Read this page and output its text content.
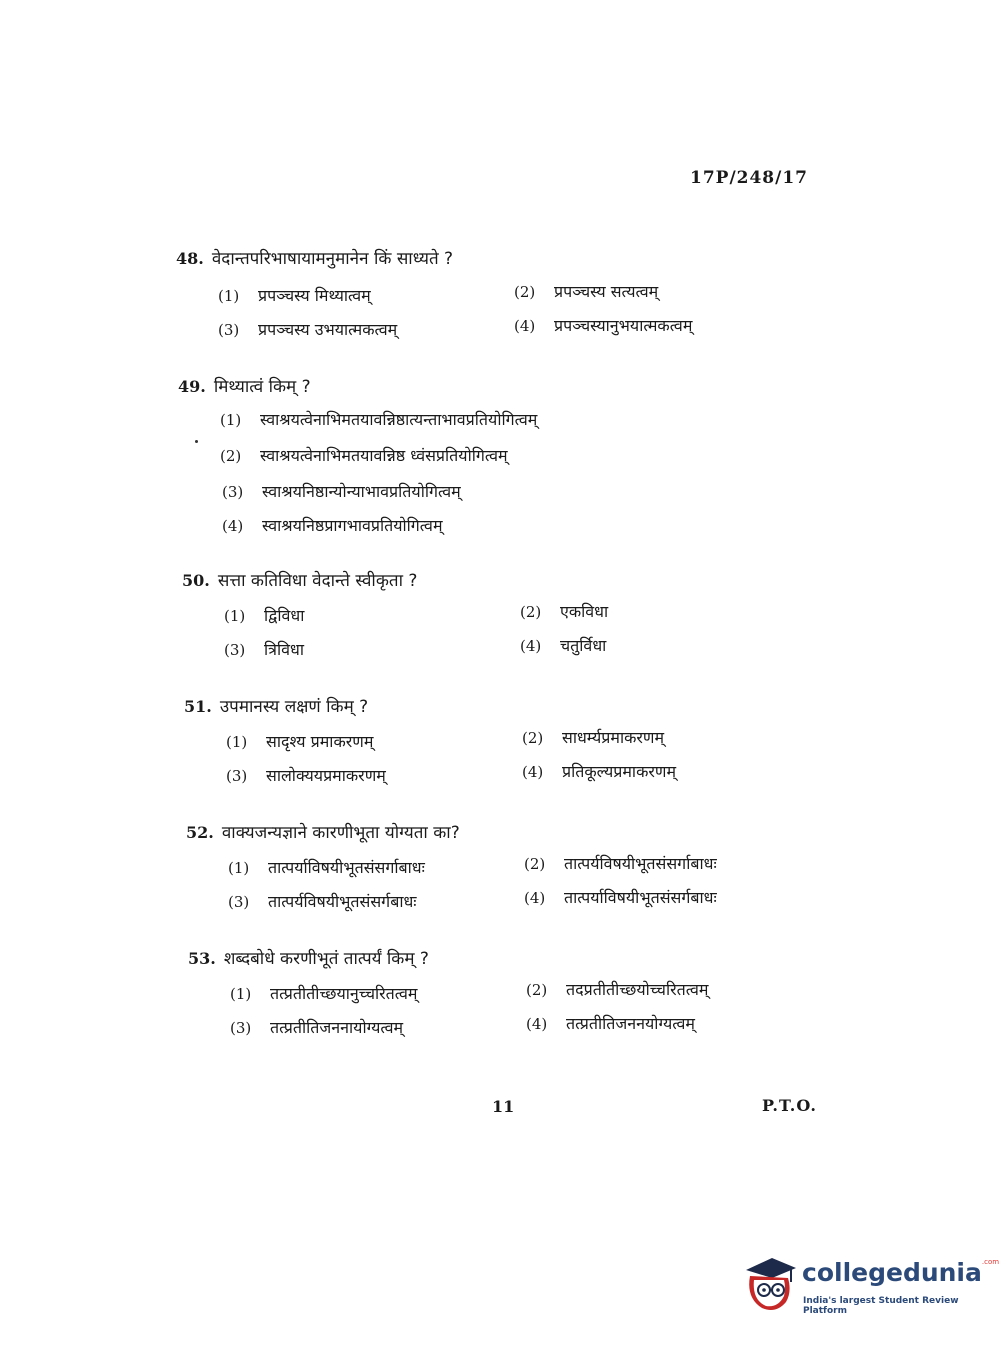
17P/248/17
48. वेदान्तपरिभाषायामनुमानेन किं साध्यते ?
(1) प्रपञ्चस्य मिथ्यात्वम्	(2) प्रपञ्चस्य सत्यत्वम्
(3) प्रपञ्चस्य उभयात्मकत्वम्	(4) प्रपञ्चस्यानुभयात्मकत्वम्
49. मिथ्यात्वं किम् ?
(1) स्वाश्रयत्वेनाभिमतयावन्निष्ठात्यन्ताभावप्रतियोगित्वम्
(2) स्वाश्रयत्वेनाभिमतयावन्निष्ठ ध्वंसप्रतियोगित्वम्
(3) स्वाश्रयनिष्ठान्योन्याभावप्रतियोगित्वम्
(4) स्वाश्रयनिष्ठप्रागभावप्रतियोगित्वम्
50. सत्ता कतिविधा वेदान्ते स्वीकृता ?
(1) द्विविधा	(2) एकविधा
(3) त्रिविधा	(4) चतुर्विधा
51. उपमानस्य लक्षणं किम् ?
(1) सादृश्य प्रमाकरणम्	(2) साधर्म्यप्रमाकरणम्
(3) सालोक्ययप्रमाकरणम्	(4) प्रतिकूल्यप्रमाकरणम्
52. वाक्यजन्यज्ञाने कारणीभूता योग्यता का?
(1) तात्पर्याविषयीभूतसंसर्गाबाधः	(2) तात्पर्यविषयीभूतसंसर्गाबाधः
(3) तात्पर्यविषयीभूतसंसर्गबाधः	(4) तात्पर्याविषयीभूतसंसर्गबाधः
53. शब्दबोधे करणीभूतं तात्पर्यं किम् ?
(1) तत्प्रतीतीच्छयानुच्चरितत्वम्	(2) तदप्रतीतीच्छयोच्चरितत्वम्
(3) तत्प्रतीतिजननायोग्यत्वम्	(4) तत्प्रतीतिजननयोग्यत्वम्
11	P.T.O.
collegedunia$^{.com}$
India's largest Student Review Platform
